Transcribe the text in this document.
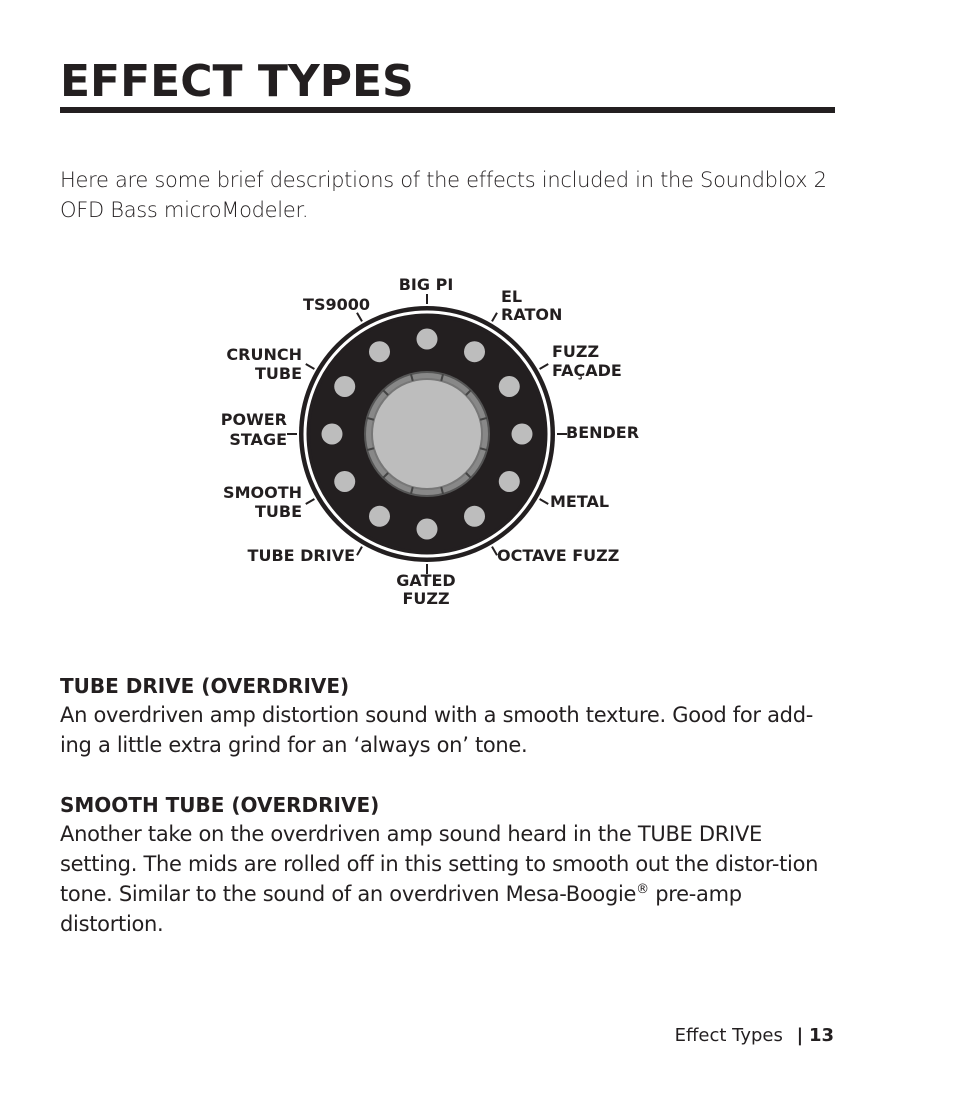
EFFECT TYPES

Here are some brief descriptions of the effects included in the Soundblox 2 OFD Bass microModeler.

BIG PI
EL
RATON
FUZZ
FAÇADE
BENDER
METAL
OCTAVE FUZZ
GATED
FUZZ
TUBE DRIVE
SMOOTH
TUBE
POWER
STAGE
CRUNCH
TUBE
TS9000
TUBE DRIVE (OVERDRIVE)

An overdriven amp distortion sound with a smooth texture. Good for add-ing a little extra grind for an ‘always on’ tone.

SMOOTH TUBE (OVERDRIVE)

Another take on the overdriven amp sound heard in the TUBE DRIVE setting. The mids are rolled off in this setting to smooth out the distor-tion tone. Similar to the sound of an overdriven Mesa-Boogie® pre-amp distortion.

Effect Types | 13
